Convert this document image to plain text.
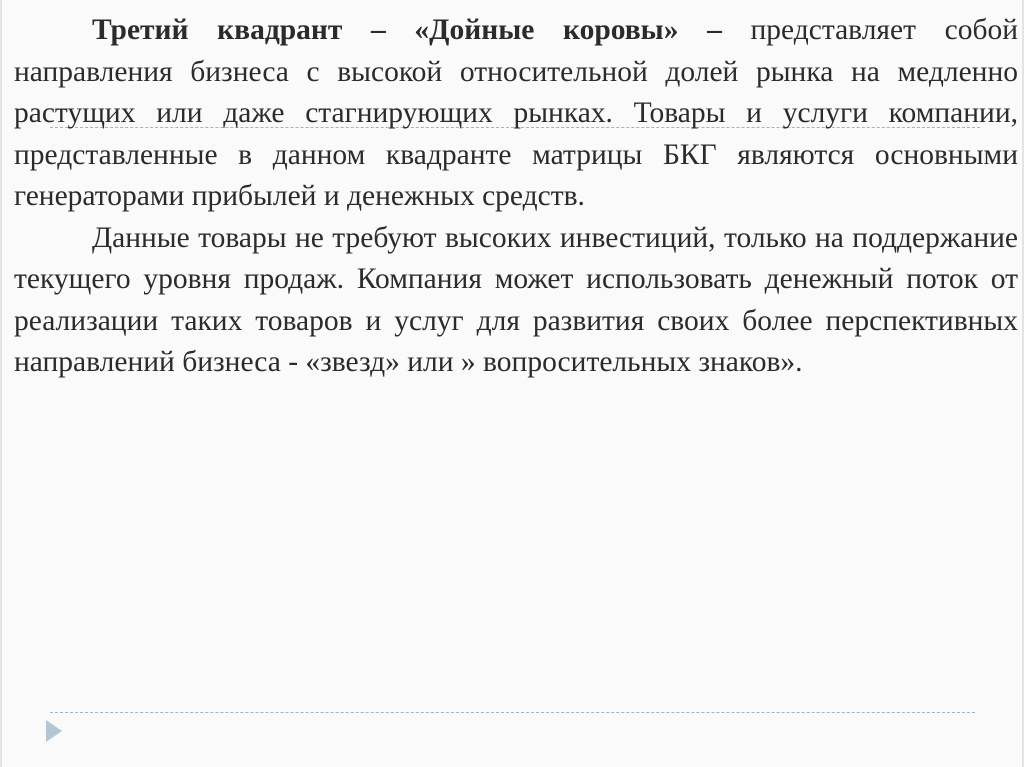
Третий квадрант – «Дойные коровы» – представляет собой направления бизнеса с высокой относительной долей рынка на медленно растущих или даже стагнирующих рынках. Товары и услуги компании, представленные в данном квадранте матрицы БКГ являются основными генераторами прибылей и денежных средств.

Данные товары не требуют высоких инвестиций, только на поддержание текущего уровня продаж. Компания может использовать денежный поток от реализации таких товаров и услуг для развития своих более перспективных направлений бизнеса - «звезд» или » вопросительных знаков».
